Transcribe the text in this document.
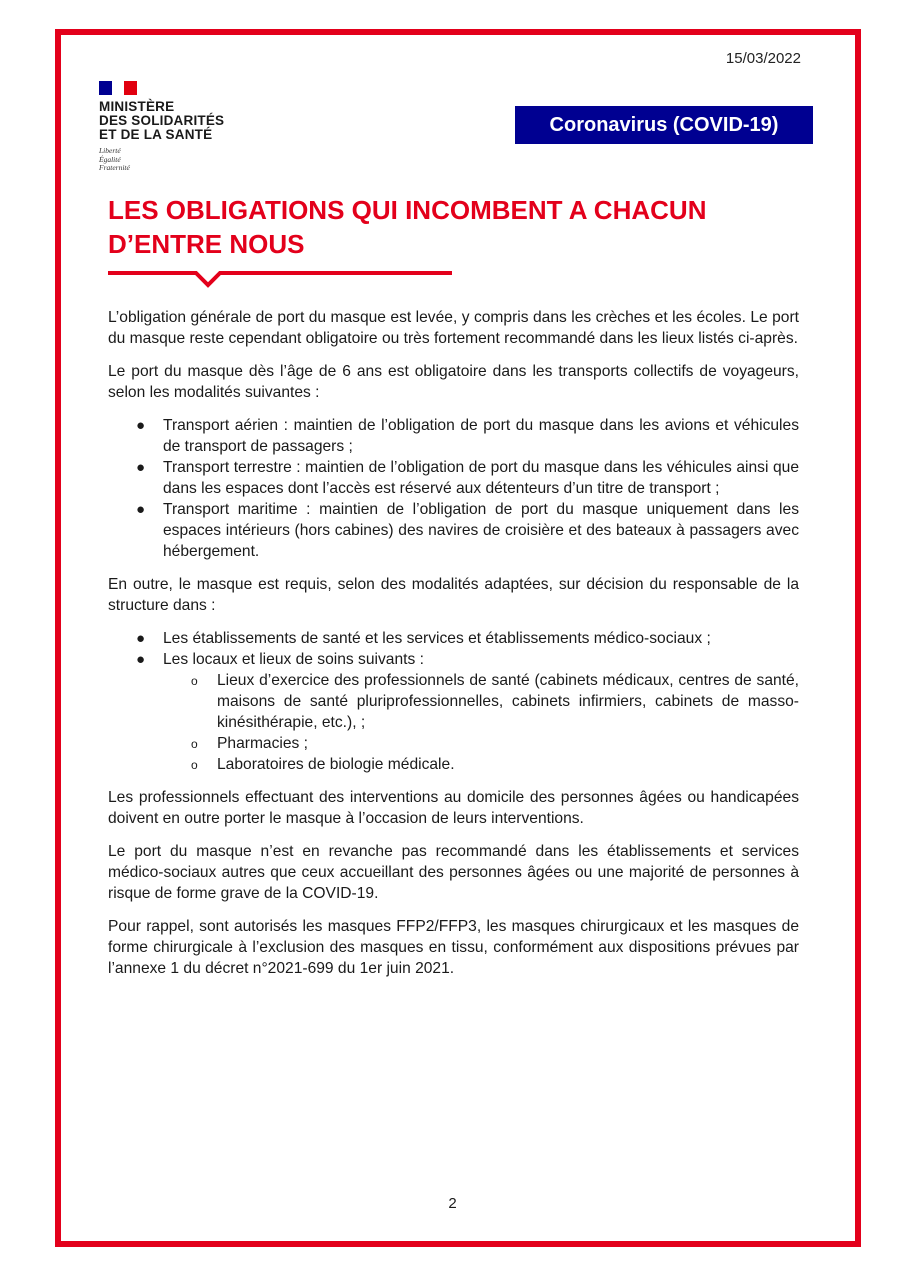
15/03/2022
MINISTÈRE
DES SOLIDARITÉS
ET DE LA SANTÉ
Liberté
Égalité
Fraternité
Coronavirus (COVID-19)
LES OBLIGATIONS QUI INCOMBENT A CHACUN
D’ENTRE NOUS

L’obligation générale de port du masque est levée, y compris dans les crèches et les écoles. Le port du masque reste cependant obligatoire ou très fortement recommandé dans les lieux listés ci-après.

Le port du masque dès l’âge de 6 ans est obligatoire dans les transports collectifs de voyageurs, selon les modalités suivantes :

● Transport aérien : maintien de l’obligation de port du masque dans les avions et véhicules de transport de passagers ;
● Transport terrestre : maintien de l’obligation de port du masque dans les véhicules ainsi que dans les espaces dont l’accès est réservé aux détenteurs d’un titre de transport ;
● Transport maritime : maintien de l’obligation de port du masque uniquement dans les espaces intérieurs (hors cabines) des navires de croisière et des bateaux à passagers avec hébergement.

En outre, le masque est requis, selon des modalités adaptées, sur décision du responsable de la structure dans :

● Les établissements de santé et les services et établissements médico-sociaux ;
● Les locaux et lieux de soins suivants :
o Lieux d’exercice des professionnels de santé (cabinets médicaux, centres de santé, maisons de santé pluriprofessionnelles, cabinets infirmiers, cabinets de masso-kinésithérapie, etc.), ;
o Pharmacies ;
o Laboratoires de biologie médicale.

Les professionnels effectuant des interventions au domicile des personnes âgées ou handicapées doivent en outre porter le masque à l’occasion de leurs interventions.

Le port du masque n’est en revanche pas recommandé dans les établissements et services médico-sociaux autres que ceux accueillant des personnes âgées ou une majorité de personnes à risque de forme grave de la COVID-19.

Pour rappel, sont autorisés les masques FFP2/FFP3, les masques chirurgicaux et les masques de forme chirurgicale à l’exclusion des masques en tissu, conformément aux dispositions prévues par l’annexe 1 du décret n°2021-699 du 1er juin 2021.

2
